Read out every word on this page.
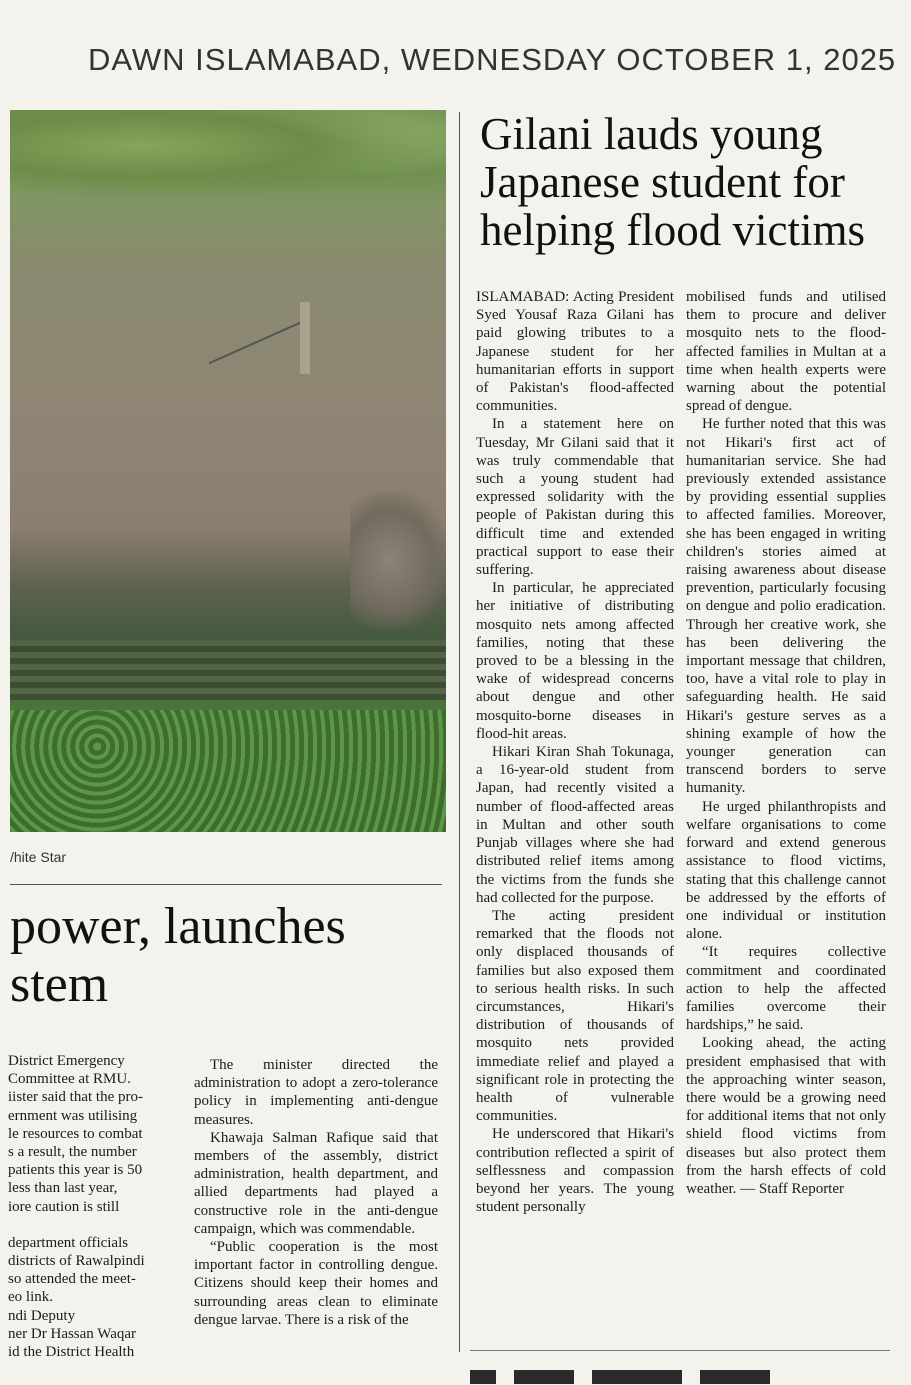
DAWN ISLAMABAD, WEDNESDAY OCTOBER 1, 2025
/hite Star
Gilani lauds young Japanese student for helping flood victims

ISLAMABAD: Acting President Syed Yousaf Raza Gilani has paid glowing tributes to a Japanese student for her humanitarian efforts in support of Pakistan's flood-affected communities.

In a statement here on Tuesday, Mr Gilani said that it was truly commendable that such a young student had expressed solidarity with the people of Pakistan during this difficult time and extended practical support to ease their suffering.

In particular, he appreciated her initiative of distributing mosquito nets among affected families, noting that these proved to be a blessing in the wake of widespread concerns about dengue and other mosquito-borne diseases in flood-hit areas.

Hikari Kiran Shah Tokunaga, a 16-year-old student from Japan, had recently visited a number of flood-affected areas in Multan and other south Punjab villages where she had distributed relief items among the victims from the funds she had collected for the purpose.

The acting president remarked that the floods not only displaced thousands of families but also exposed them to serious health risks. In such circumstances, Hikari's distribution of thousands of mosquito nets provided immediate relief and played a significant role in protecting the health of vulnerable communities.

He underscored that Hikari's contribution reflected a spirit of selflessness and compassion beyond her years. The young student personally

mobilised funds and utilised them to procure and deliver mosquito nets to the flood-affected families in Multan at a time when health experts were warning about the potential spread of dengue.

He further noted that this was not Hikari's first act of humanitarian service. She had previously extended assistance by providing essential supplies to affected families. Moreover, she has been engaged in writing children's stories aimed at raising awareness about disease prevention, particularly focusing on dengue and polio eradication. Through her creative work, she has been delivering the important message that children, too, have a vital role to play in safeguarding health. He said Hikari's gesture serves as a shining example of how the younger generation can transcend borders to serve humanity.

He urged philanthropists and welfare organisations to come forward and extend generous assistance to flood victims, stating that this challenge cannot be addressed by the efforts of one individual or institution alone.

“It requires collective commitment and coordinated action to help the affected families overcome their hardships,” he said.

Looking ahead, the acting president emphasised that with the approaching winter season, there would be a growing need for additional items that not only shield flood victims from diseases but also protect them from the harsh effects of cold weather. — Staff Reporter

power, launches
stem
District Emergency
Committee at RMU.
iister said that the pro-
ernment was utilising
le resources to combat
s a result, the number
patients this year is 50
less than last year,
iore caution is still
department officials
districts of Rawalpindi
so attended the meet-
eo link.
ndi Deputy
ner Dr Hassan Waqar
id the District Health

The minister directed the administration to adopt a zero-tolerance policy in implementing anti-dengue measures.

Khawaja Salman Rafique said that members of the assembly, district administration, health department, and allied departments had played a constructive role in the anti-dengue campaign, which was commendable.

“Public cooperation is the most important factor in controlling dengue. Citizens should keep their homes and surrounding areas clean to eliminate dengue larvae. There is a risk of the
